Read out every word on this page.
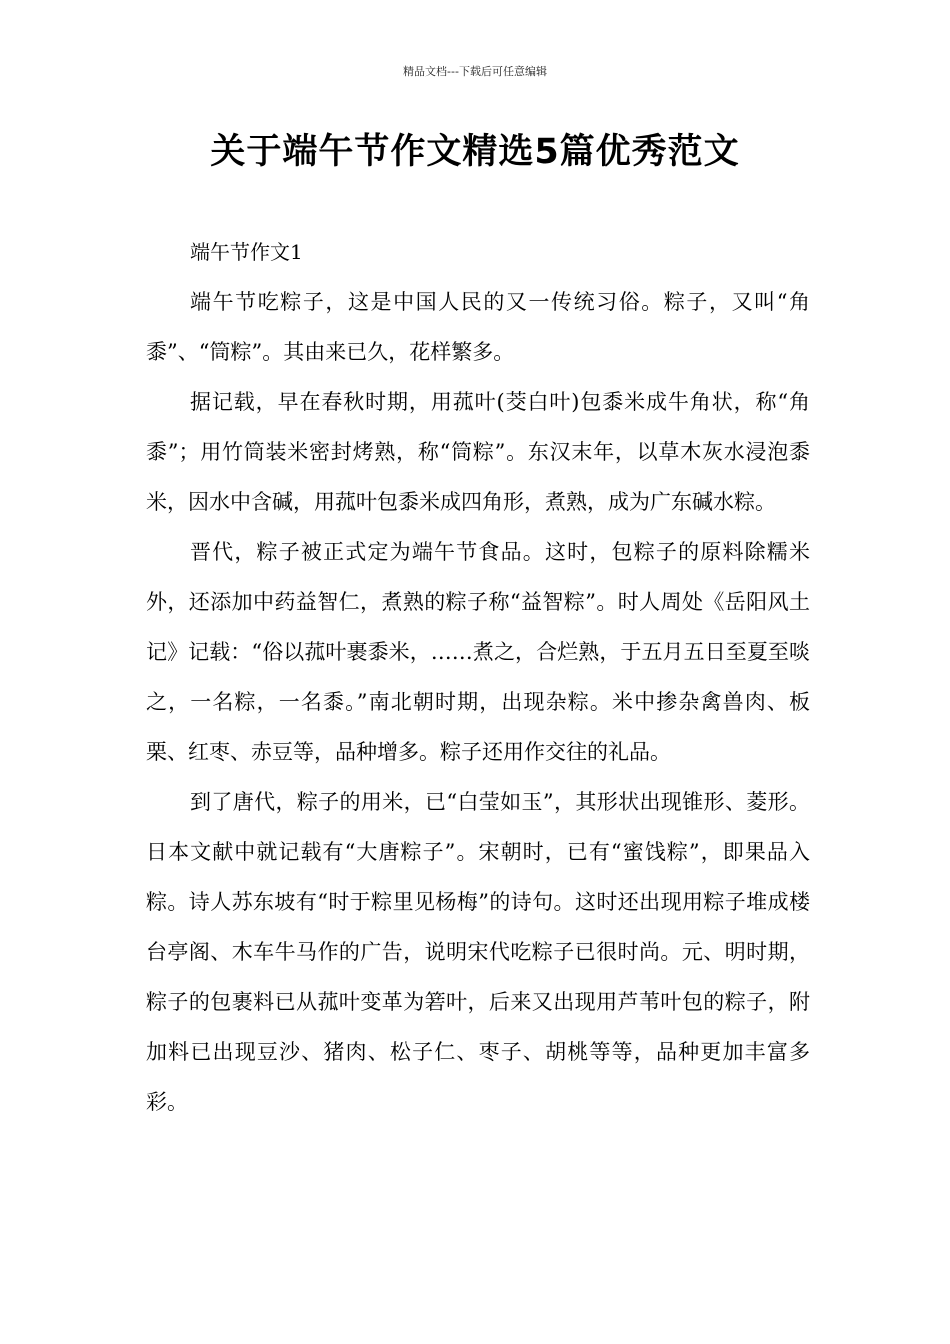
精品文档---下载后可任意编辑
关于端午节作文精选5篇优秀范文

端午节作文1

端午节吃粽子，这是中国人民的又一传统习俗。粽子，又叫“角黍”、“筒粽”。其由来已久，花样繁多。

据记载，早在春秋时期，用菰叶(茭白叶)包黍米成牛角状，称“角黍”；用竹筒装米密封烤熟，称“筒粽”。东汉末年，以草木灰水浸泡黍米，因水中含碱，用菰叶包黍米成四角形，煮熟，成为广东碱水粽。

晋代，粽子被正式定为端午节食品。这时，包粽子的原料除糯米外，还添加中药益智仁，煮熟的粽子称“益智粽”。时人周处《岳阳风土记》记载：“俗以菰叶裹黍米，……煮之，合烂熟，于五月五日至夏至啖之，一名粽，一名黍。”南北朝时期，出现杂粽。米中掺杂禽兽肉、板栗、红枣、赤豆等，品种增多。粽子还用作交往的礼品。

到了唐代，粽子的用米，已“白莹如玉”，其形状出现锥形、菱形。日本文献中就记载有“大唐粽子”。宋朝时，已有“蜜饯粽”，即果品入粽。诗人苏东坡有“时于粽里见杨梅”的诗句。这时还出现用粽子堆成楼台亭阁、木车牛马作的广告，说明宋代吃粽子已很时尚。元、明时期，粽子的包裹料已从菰叶变革为箬叶，后来又出现用芦苇叶包的粽子，附加料已出现豆沙、猪肉、松子仁、枣子、胡桃等等，品种更加丰富多彩。
